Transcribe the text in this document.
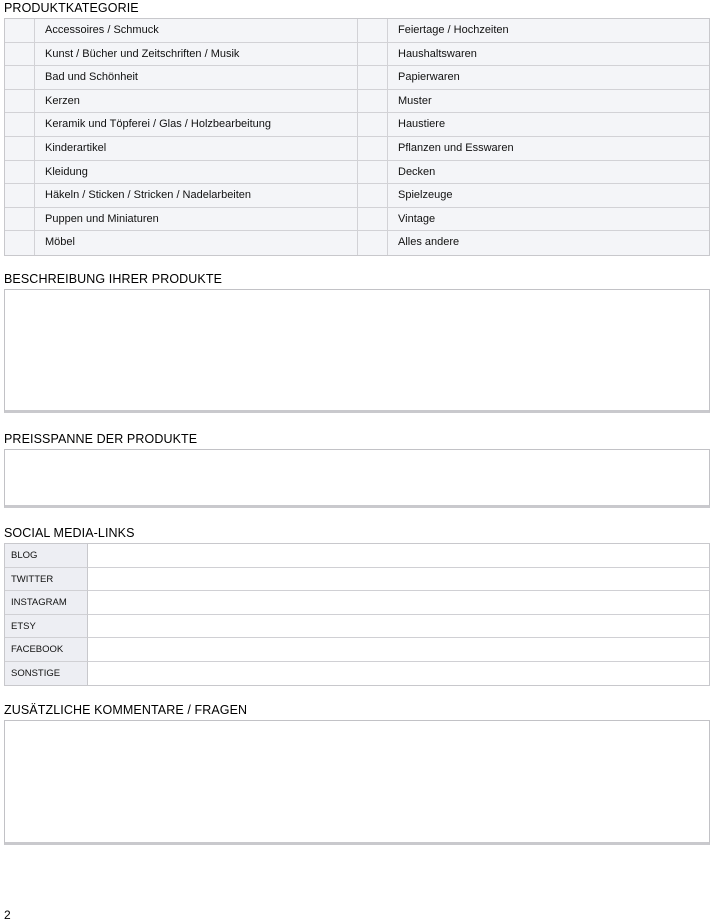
PRODUKTKATEGORIE
Accessoires / Schmuck	Feiertage / Hochzeiten
Kunst / Bücher und Zeitschriften / Musik	Haushaltswaren
Bad und Schönheit	Papierwaren
Kerzen	Muster
Keramik und Töpferei / Glas / Holzbearbeitung	Haustiere
Kinderartikel	Pflanzen und Esswaren
Kleidung	Decken
Häkeln / Sticken / Stricken / Nadelarbeiten	Spielzeuge
Puppen und Miniaturen	Vintage
Möbel	Alles andere
BESCHREIBUNG IHRER PRODUKTE
PREISSPANNE DER PRODUKTE
SOCIAL MEDIA-LINKS
BLOG
TWITTER
INSTAGRAM
ETSY
FACEBOOK
SONSTIGE
ZUSÄTZLICHE KOMMENTARE / FRAGEN
2
